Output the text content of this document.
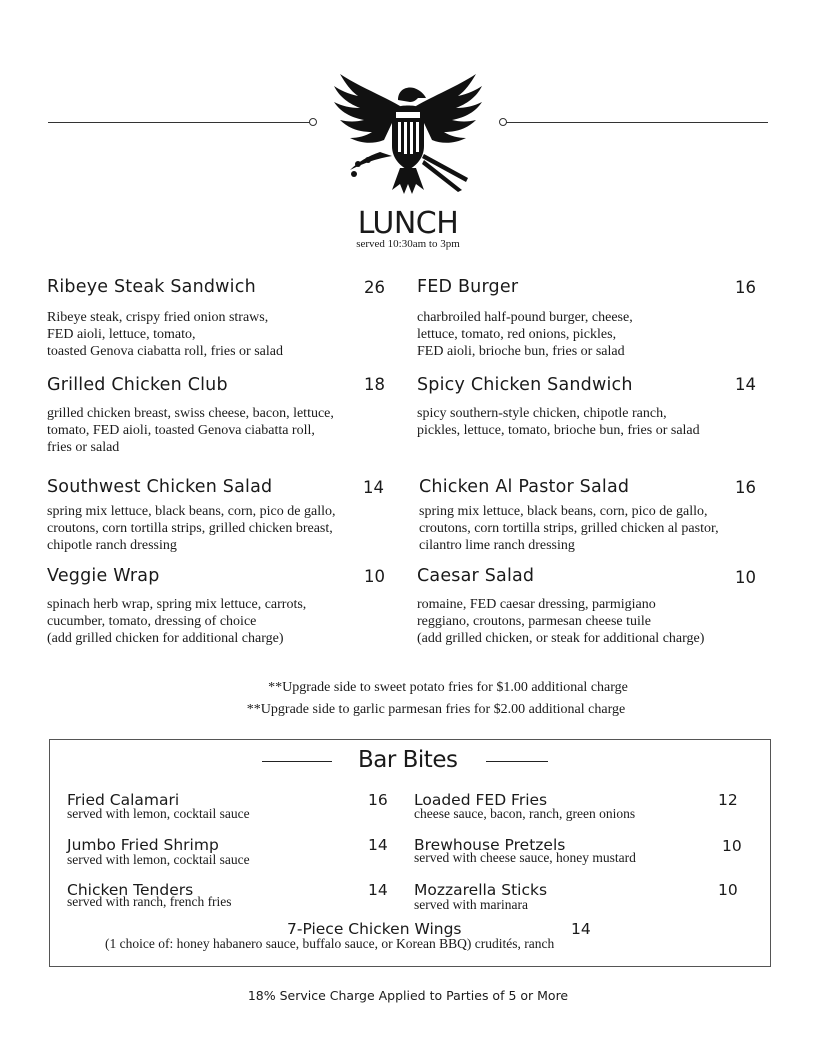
LUNCH
served 10:30am to 3pm
Ribeye Steak Sandwich	26
Ribeye steak, crispy fried onion straws,
FED aioli, lettuce, tomato,
toasted Genova ciabatta roll, fries or salad
FED Burger	16
charbroiled half-pound burger, cheese,
lettuce, tomato, red onions, pickles,
FED aioli, brioche bun, fries or salad
Grilled Chicken Club	18
grilled chicken breast, swiss cheese, bacon, lettuce,
tomato, FED aioli, toasted Genova ciabatta roll,
fries or salad
Spicy Chicken Sandwich	14
spicy southern-style chicken, chipotle ranch,
pickles, lettuce, tomato, brioche bun, fries or salad
Southwest Chicken Salad	14
spring mix lettuce, black beans, corn, pico de gallo,
croutons, corn tortilla strips, grilled chicken breast,
chipotle ranch dressing
Chicken Al Pastor Salad	16
spring mix lettuce, black beans, corn, pico de gallo,
croutons, corn tortilla strips, grilled chicken al pastor,
cilantro lime ranch dressing
Veggie Wrap	10
spinach herb wrap, spring mix lettuce, carrots,
cucumber, tomato, dressing of choice
(add grilled chicken for additional charge)
Caesar Salad	10
romaine, FED caesar dressing, parmigiano
reggiano, croutons, parmesan cheese tuile
(add grilled chicken, or steak for additional charge)
**Upgrade side to sweet potato fries for $1.00 additional charge
**Upgrade side to garlic parmesan fries for $2.00 additional charge
Bar Bites
Fried Calamari	16
served with lemon, cocktail sauce
Loaded FED Fries	12
cheese sauce, bacon, ranch, green onions
Jumbo Fried Shrimp	14
served with lemon, cocktail sauce
Brewhouse Pretzels	10
served with cheese sauce, honey mustard
Chicken Tenders	14
served with ranch, french fries
Mozzarella Sticks	10
served with marinara
7-Piece Chicken Wings	14
(1 choice of: honey habanero sauce, buffalo sauce, or Korean BBQ) crudités, ranch
18% Service Charge Applied to Parties of 5 or More
